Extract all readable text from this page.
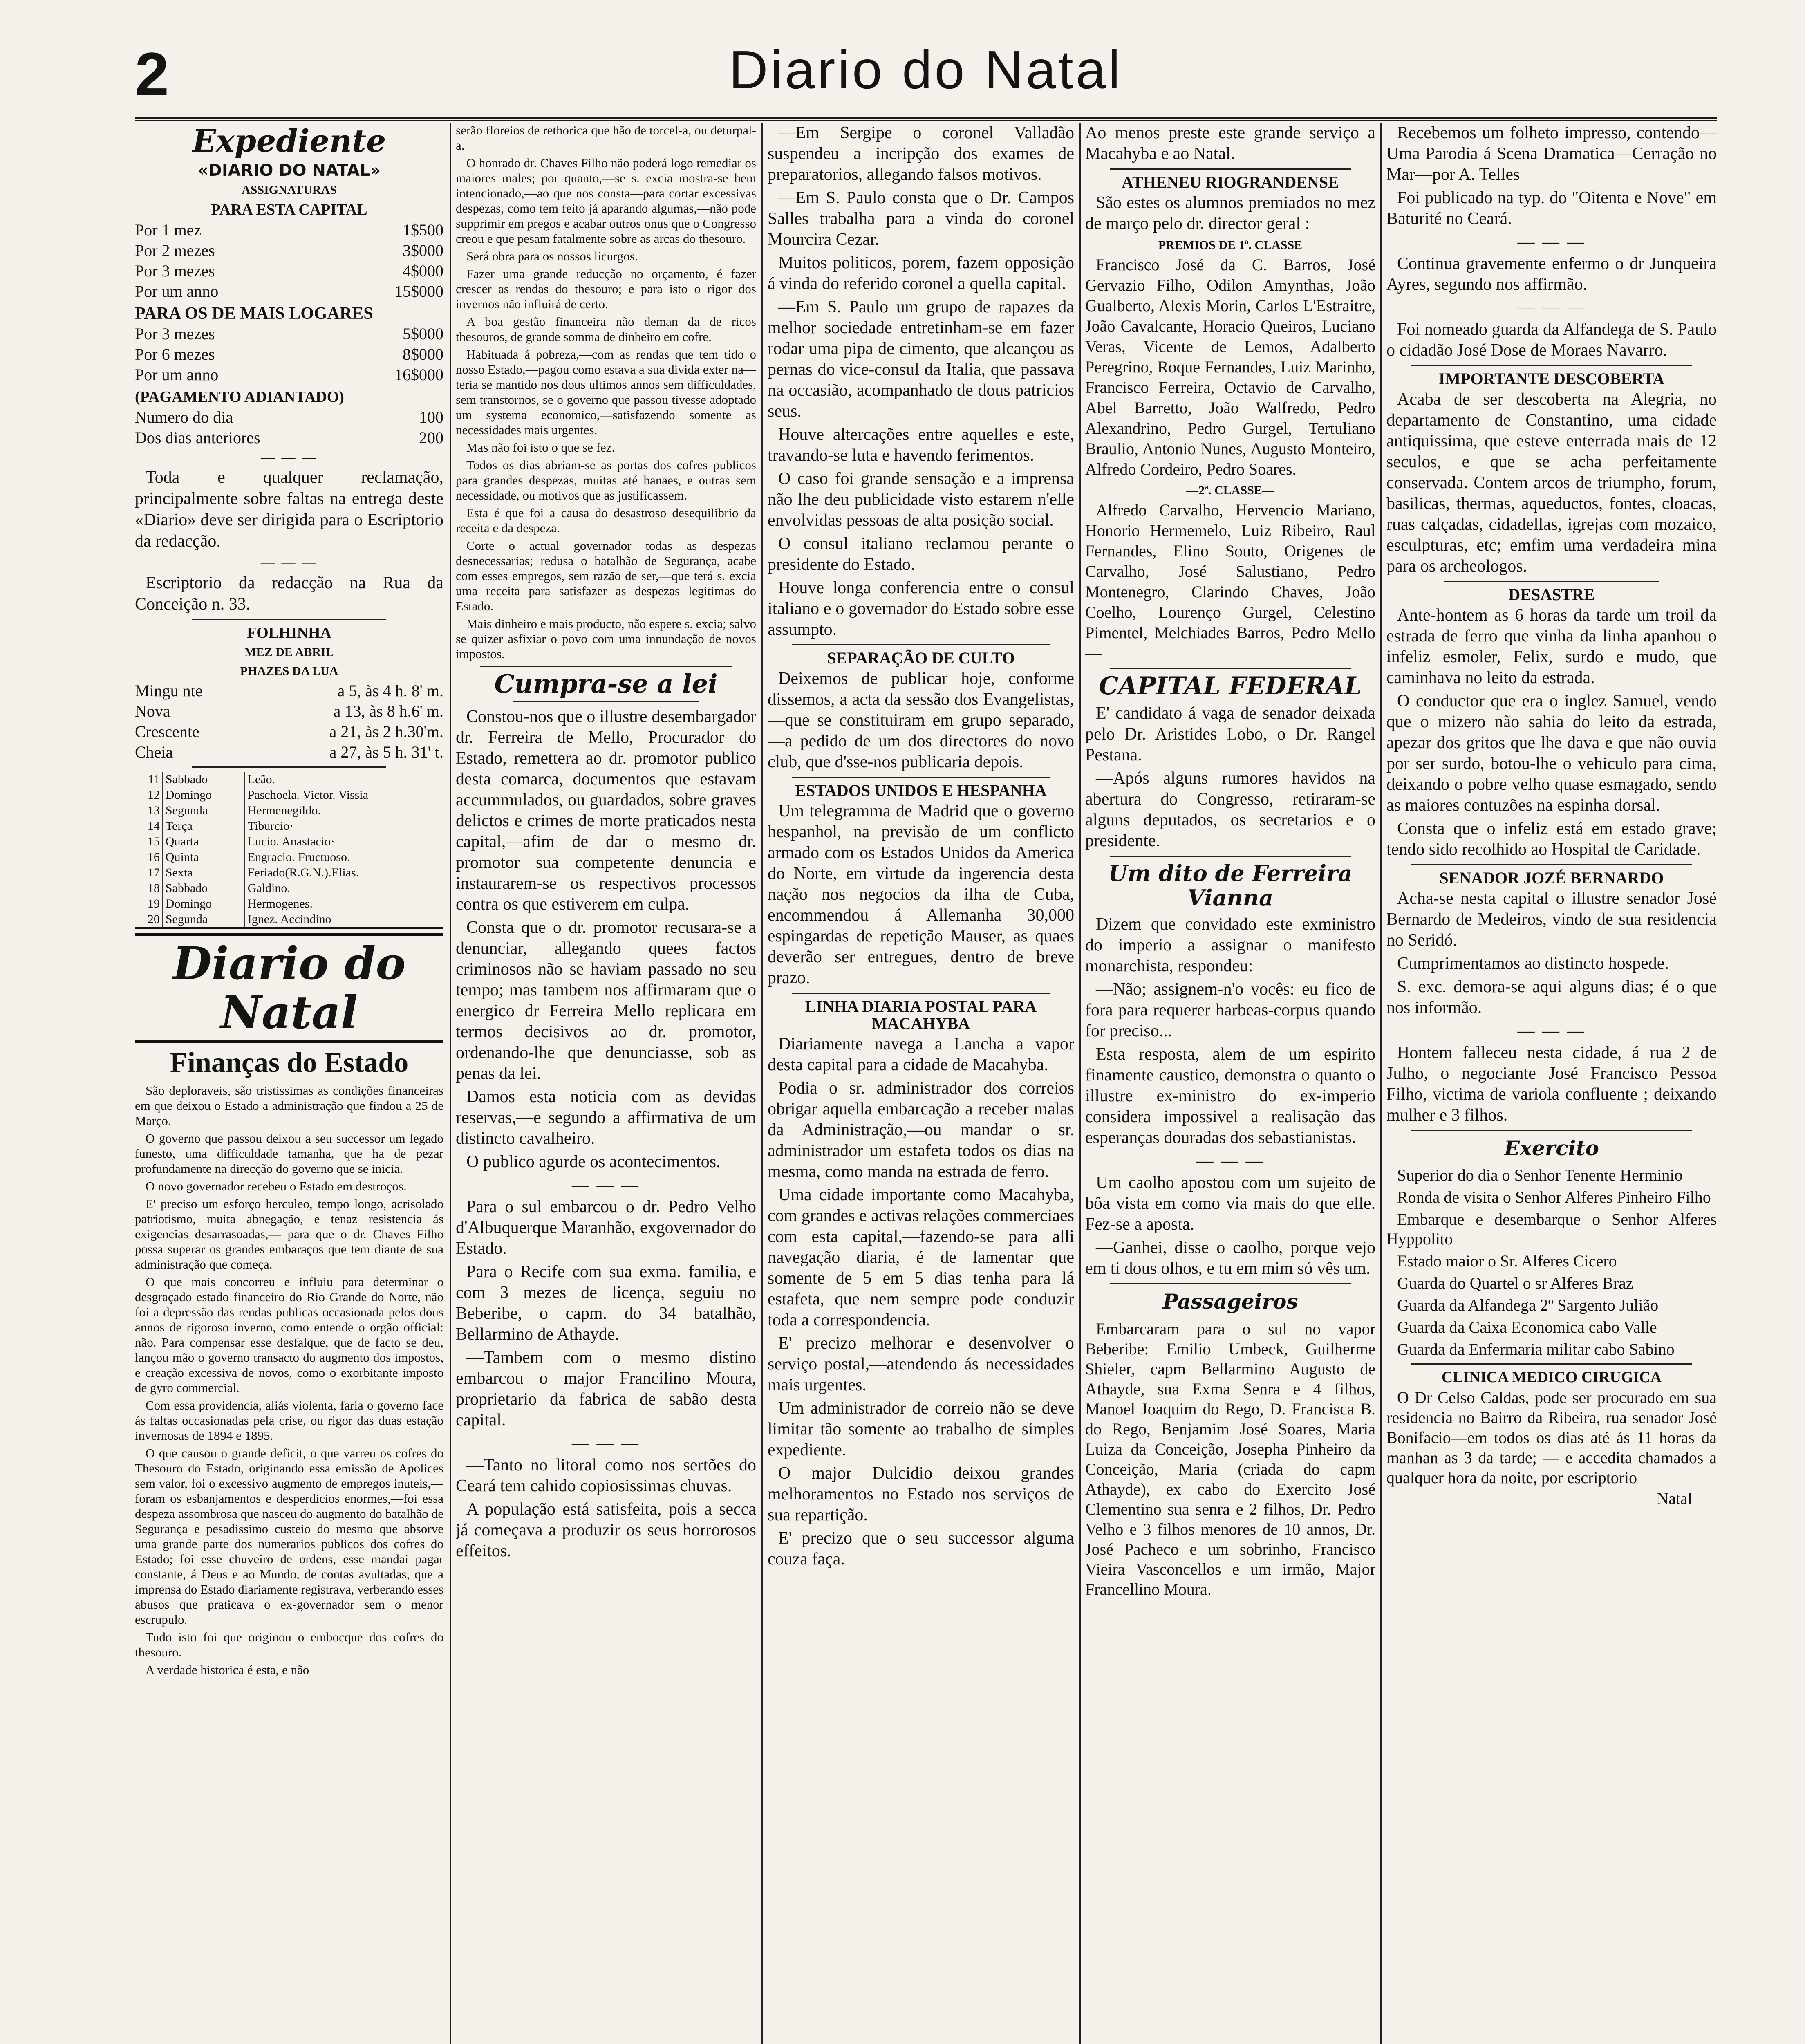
2	Diario do Natal
Expediente
«DIARIO DO NATAL»
ASSIGNATURAS
PARA ESTA CAPITAL
Por 1 mez	1$500
Por 2 mezes	3$000
Por 3 mezes	4$000
Por um anno	15$000
PARA OS DE MAIS LOGARES
Por 3 mezes	5$000
Por 6 mezes	8$000
Por um anno	16$000
(PAGAMENTO ADIANTADO)
Numero do dia	100
Dos dias anteriores	200
— — —

Toda e qualquer reclamação, principalmente sobre faltas na entrega deste «Diario» deve ser dirigida para o Escriptorio da redacção.

— — —

Escriptorio da redacção na Rua da Conceição n. 33.

FOLHINHA
MEZ DE ABRIL
PHAZES DA LUA
Mingu nte	a 5, às 4 h. 8' m.
Nova	a 13, às 8 h.6' m.
Crescente	a 21, às 2 h.30'm.
Cheia	a 27, às 5 h. 31' t.
11	Sabbado	Leão.
12	Domingo	Paschoela. Victor. Vissia
13	Segunda	Hermenegildo.
14	Terça	Tiburcio·
15	Quarta	Lucio. Anastacio·
16	Quinta	Engracio. Fructuoso.
17	Sexta	Feriado(R.G.N.).Elias.
18	Sabbado	Galdino.
19	Domingo	Hermogenes.
20	Segunda	Ignez. Accindino
Diario do Natal
Finanças do Estado

São deploraveis, são tristissimas as condições financeiras em que deixou o Estado a administração que findou a 25 de Março.

O governo que passou deixou a seu successor um legado funesto, uma difficuldade tamanha, que ha de pezar profundamente na direcção do governo que se inicia.

O novo governador recebeu o Estado em destroços.

E' preciso um esforço herculeo, tempo longo, acrisolado patriotismo, muita abnegação, e tenaz resistencia ás exigencias desarrasoadas,— para que o dr. Chaves Filho possa superar os grandes embaraços que tem diante de sua administração que começa.

O que mais concorreu e influiu para determinar o desgraçado estado financeiro do Rio Grande do Norte, não foi a depressão das rendas publicas occasionada pelos dous annos de rigoroso inverno, como entende o orgão official: não. Para compensar esse desfalque, que de facto se deu, lançou mão o governo transacto do augmento dos impostos, e creação excessiva de novos, como o exorbitante imposto de gyro commercial.

Com essa providencia, aliás violenta, faria o governo face ás faltas occasionadas pela crise, ou rigor das duas estação invernosas de 1894 e 1895.

O que causou o grande deficit, o que varreu os cofres do Thesouro do Estado, originando essa emissão de Apolices sem valor, foi o excessivo augmento de empregos inuteis,— foram os esbanjamentos e desperdicios enormes,—foi essa despeza assombrosa que nasceu do augmento do batalhão de Segurança e pesadissimo custeio do mesmo que absorve uma grande parte dos numerarios publicos dos cofres do Estado; foi esse chuveiro de ordens, esse mandai pagar constante, á Deus e ao Mundo, de contas avultadas, que a imprensa do Estado diariamente registrava, verberando esses abusos que praticava o ex-governador sem o menor escrupulo.

Tudo isto foi que originou o embocque dos cofres do thesouro.

A verdade historica é esta, e não

serão floreios de rethorica que hão de torcel-a, ou deturpal-a.

O honrado dr. Chaves Filho não poderá logo remediar os maiores males; por quanto,—se s. excia mostra-se bem intencionado,—ao que nos consta—para cortar excessivas despezas, como tem feito já aparando algumas,—não pode supprimir em pregos e acabar outros onus que o Congresso creou e que pesam fatalmente sobre as arcas do thesouro.

Será obra para os nossos licurgos.

Fazer uma grande reducção no orçamento, é fazer crescer as rendas do thesouro; e para isto o rigor dos invernos não influirá de certo.

A boa gestão financeira não deman da de ricos thesouros, de grande somma de dinheiro em cofre.

Habituada á pobreza,—com as rendas que tem tido o nosso Estado,—pagou como estava a sua divida exter na—teria se mantido nos dous ultimos annos sem difficuldades, sem transtornos, se o governo que passou tivesse adoptado um systema economico,—satisfazendo somente as necessidades mais urgentes.

Mas não foi isto o que se fez.

Todos os dias abriam-se as portas dos cofres publicos para grandes despezas, muitas até banaes, e outras sem necessidade, ou motivos que as justificassem.

Esta é que foi a causa do desastroso desequilibrio da receita e da despeza.

Corte o actual governador todas as despezas desnecessarias; redusa o batalhão de Segurança, acabe com esses empregos, sem razão de ser,—que terá s. excia uma receita para satisfazer as despezas legitimas do Estado.

Mais dinheiro e mais producto, não espere s. excia; salvo se quizer asfixiar o povo com uma innundação de novos impostos.

Cumpra-se a lei

Constou-nos que o illustre desembargador dr. Ferreira de Mello, Procurador do Estado, remettera ao dr. promotor publico desta comarca, documentos que estavam accummulados, ou guardados, sobre graves delictos e crimes de morte praticados nesta capital,—afim de dar o mesmo dr. promotor sua competente denuncia e instaurarem-se os respectivos processos contra os que estiverem em culpa.

Consta que o dr. promotor recusara-se a denunciar, allegando quees factos criminosos não se haviam passado no seu tempo; mas tambem nos affirmaram que o energico dr Ferreira Mello replicara em termos decisivos ao dr. promotor, ordenando-lhe que denunciasse, sob as penas da lei.

Damos esta noticia com as devidas reservas,—e segundo a affirmativa de um distincto cavalheiro.

O publico agurde os acontecimentos.

— — —

Para o sul embarcou o dr. Pedro Velho d'Albuquerque Maranhão, exgovernador do Estado.

Para o Recife com sua exma. familia, e com 3 mezes de licença, seguiu no Beberibe, o capm. do 34 batalhão, Bellarmino de Athayde.

—Tambem com o mesmo distino embarcou o major Francilino Moura, proprietario da fabrica de sabão desta capital.

— — —

—Tanto no litoral como nos sertões do Ceará tem cahido copiosissimas chuvas.

A população está satisfeita, pois a secca já começava a produzir os seus horrorosos effeitos.

—Em Sergipe o coronel Valladão suspendeu a incripção dos exames de preparatorios, allegando falsos motivos.

—Em S. Paulo consta que o Dr. Campos Salles trabalha para a vinda do coronel Mourcira Cezar.

Muitos politicos, porem, fazem opposição á vinda do referido coronel a quella capital.

—Em S. Paulo um grupo de rapazes da melhor sociedade entretinham-se em fazer rodar uma pipa de cimento, que alcançou as pernas do vice-consul da Italia, que passava na occasião, acompanhado de dous patricios seus.

Houve altercações entre aquelles e este, travando-se luta e havendo ferimentos.

O caso foi grande sensação e a imprensa não lhe deu publicidade visto estarem n'elle envolvidas pessoas de alta posição social.

O consul italiano reclamou perante o presidente do Estado.

Houve longa conferencia entre o consul italiano e o governador do Estado sobre esse assumpto.

SEPARAÇÃO DE CULTO

Deixemos de publicar hoje, conforme dissemos, a acta da sessão dos Evangelistas,—que se constituiram em grupo separado,—a pedido de um dos directores do novo club, que d'sse-nos publicaria depois.

ESTADOS UNIDOS E HESPANHA

Um telegramma de Madrid que o governo hespanhol, na previsão de um conflicto armado com os Estados Unidos da America do Norte, em virtude da ingerencia desta nação nos negocios da ilha de Cuba, encommendou á Allemanha 30,000 espingardas de repetição Mauser, as quaes deverão ser entregues, dentro de breve prazo.

LINHA DIARIA POSTAL PARA MACAHYBA

Diariamente navega a Lancha a vapor desta capital para a cidade de Macahyba.

Podia o sr. administrador dos correios obrigar aquella embarcação a receber malas da Administração,—ou mandar o sr. administrador um estafeta todos os dias na mesma, como manda na estrada de ferro.

Uma cidade importante como Macahyba, com grandes e activas relações commerciaes com esta capital,—fazendo-se para alli navegação diaria, é de lamentar que somente de 5 em 5 dias tenha para lá estafeta, que nem sempre pode conduzir toda a correspondencia.

E' precizo melhorar e desenvolver o serviço postal,—atendendo ás necessidades mais urgentes.

Um administrador de correio não se deve limitar tão somente ao trabalho de simples expediente.

O major Dulcidio deixou grandes melhoramentos no Estado nos serviços de sua repartição.

E' precizo que o seu successor alguma couza faça.

Ao menos preste este grande serviço a Macahyba e ao Natal.

ATHENEU RIOGRANDENSE

São estes os alumnos premiados no mez de março pelo dr. director geral :

PREMIOS DE 1ª. CLASSE

Francisco José da C. Barros, José Gervazio Filho, Odilon Amynthas, João Gualberto, Alexis Morin, Carlos L'Estraitre, João Cavalcante, Horacio Queiros, Luciano Veras, Vicente de Lemos, Adalberto Peregrino, Roque Fernandes, Luiz Marinho, Francisco Ferreira, Octavio de Carvalho, Abel Barretto, João Walfredo, Pedro Alexandrino, Pedro Gurgel, Tertuliano Braulio, Antonio Nunes, Augusto Monteiro, Alfredo Cordeiro, Pedro Soares.

—2ª. CLASSE—

Alfredo Carvalho, Hervencio Mariano, Honorio Hermemelo, Luiz Ribeiro, Raul Fernandes, Elino Souto, Origenes de Carvalho, José Salustiano, Pedro Montenegro, Clarindo Chaves, João Coelho, Lourenço Gurgel, Celestino Pimentel, Melchiades Barros, Pedro Mello—

CAPITAL FEDERAL

E' candidato á vaga de senador deixada pelo Dr. Aristides Lobo, o Dr. Rangel Pestana.

—Após alguns rumores havidos na abertura do Congresso, retiraram-se alguns deputados, os secretarios e o presidente.

Um dito de Ferreira Vianna

Dizem que convidado este exministro do imperio a assignar o manifesto monarchista, respondeu:

—Não; assignem-n'o vocês: eu fico de fora para requerer harbeas-corpus quando for preciso...

Esta resposta, alem de um espirito finamente caustico, demonstra o quanto o illustre ex-ministro do ex-imperio considera impossivel a realisação das esperanças douradas dos sebastianistas.

— — —

Um caolho apostou com um sujeito de bôa vista em como via mais do que elle. Fez-se a aposta.

—Ganhei, disse o caolho, porque vejo em ti dous olhos, e tu em mim só vês um.

Passageiros

Embarcaram para o sul no vapor Beberibe: Emilio Umbeck, Guilherme Shieler, capm Bellarmino Augusto de Athayde, sua Exma Senra e 4 filhos, Manoel Joaquim do Rego, D. Francisca B. do Rego, Benjamim José Soares, Maria Luiza da Conceição, Josepha Pinheiro da Conceição, Maria (criada do capm Athayde), ex cabo do Exercito José Clementino sua senra e 2 filhos, Dr. Pedro Velho e 3 filhos menores de 10 annos, Dr. José Pacheco e um sobrinho, Francisco Vieira Vasconcellos e um irmão, Major Francellino Moura.

Recebemos um folheto impresso, contendo—Uma Parodia á Scena Dramatica—Cerração no Mar—por A. Telles

Foi publicado na typ. do "Oitenta e Nove" em Baturité no Ceará.

— — —

Continua gravemente enfermo o dr Junqueira Ayres, segundo nos affirmão.

— — —

Foi nomeado guarda da Alfandega de S. Paulo o cidadão José Dose de Moraes Navarro.

IMPORTANTE DESCOBERTA

Acaba de ser descoberta na Alegria, no departamento de Constantino, uma cidade antiquissima, que esteve enterrada mais de 12 seculos, e que se acha perfeitamente conservada. Contem arcos de triumpho, forum, basilicas, thermas, aqueductos, fontes, cloacas, ruas calçadas, cidadellas, igrejas com mozaico, esculpturas, etc; emfim uma verdadeira mina para os archeologos.

DESASTRE

Ante-hontem as 6 horas da tarde um troil da estrada de ferro que vinha da linha apanhou o infeliz esmoler, Felix, surdo e mudo, que caminhava no leito da estrada.

O conductor que era o inglez Samuel, vendo que o mizero não sahia do leito da estrada, apezar dos gritos que lhe dava e que não ouvia por ser surdo, botou-lhe o vehiculo para cima, deixando o pobre velho quase esmagado, sendo as maiores contuzões na espinha dorsal.

Consta que o infeliz está em estado grave; tendo sido recolhido ao Hospital de Caridade.

SENADOR JOZÉ BERNARDO

Acha-se nesta capital o illustre senador José Bernardo de Medeiros, vindo de sua residencia no Seridó.

Cumprimentamos ao distincto hospede.

S. exc. demora-se aqui alguns dias; é o que nos informão.

— — —

Hontem falleceu nesta cidade, á rua 2 de Julho, o negociante José Francisco Pessoa Filho, victima de variola confluente ; deixando mulher e 3 filhos.

Exercito

Superior do dia o Senhor Tenente Herminio

Ronda de visita o Senhor Alferes Pinheiro Filho

Embarque e desembarque o Senhor Alferes Hyppolito

Estado maior o Sr. Alferes Cicero

Guarda do Quartel o sr Alferes Braz

Guarda da Alfandega 2º Sargento Julião

Guarda da Caixa Economica cabo Valle

Guarda da Enfermaria militar cabo Sabino

CLINICA MEDICO CIRUGICA

O Dr Celso Caldas, pode ser procurado em sua residencia no Bairro da Ribeira, rua senador José Bonifacio—em todos os dias até ás 11 horas da manhan as 3 da tarde; — e accedita chamados a qualquer hora da noite, por escriptorio

Natal
